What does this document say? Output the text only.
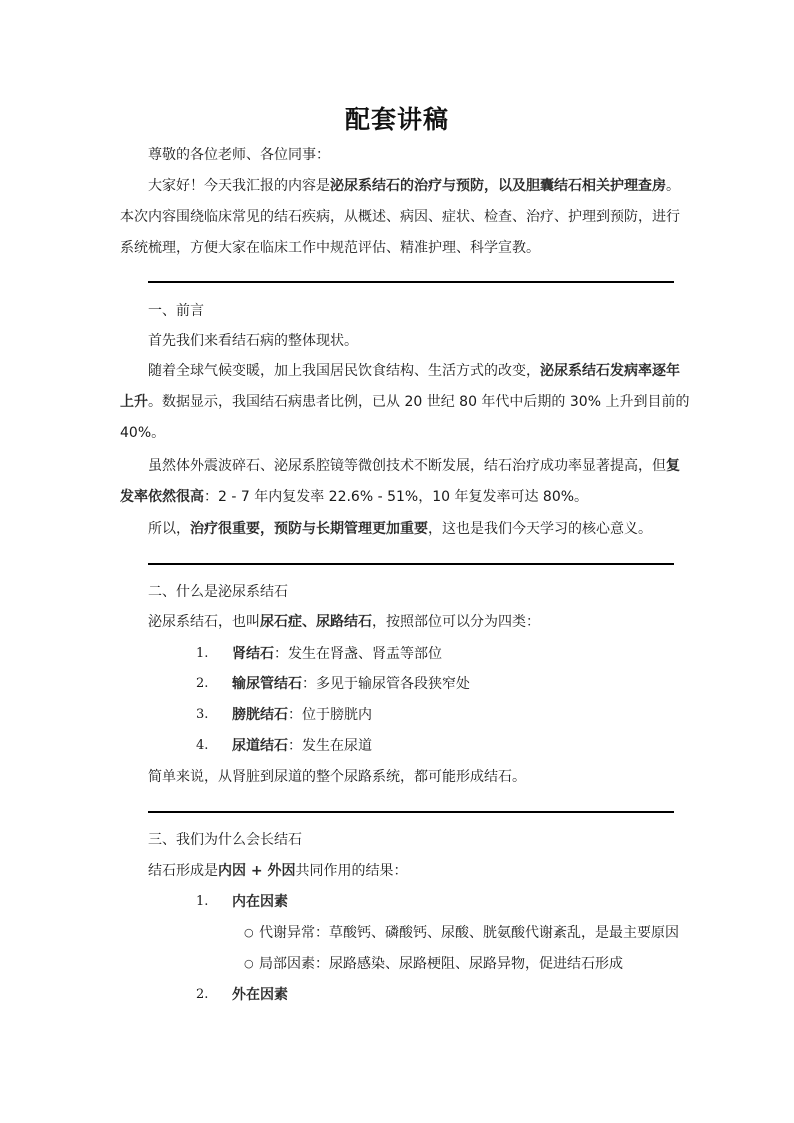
配套讲稿
尊敬的各位老师、各位同事：
大家好！今天我汇报的内容是泌尿系结石的治疗与预防，以及胆囊结石相关护理查房。本次内容围绕临床常见的结石疾病，从概述、病因、症状、检查、治疗、护理到预防，进行系统梳理，方便大家在临床工作中规范评估、精准护理、科学宣教。
一、前言
首先我们来看结石病的整体现状。
随着全球气候变暖，加上我国居民饮食结构、生活方式的改变，泌尿系结石发病率逐年上升。数据显示，我国结石病患者比例，已从 20 世纪 80 年代中后期的 30% 上升到目前的 40%。
虽然体外震波碎石、泌尿系腔镜等微创技术不断发展，结石治疗成功率显著提高，但复发率依然很高：2 - 7 年内复发率 22.6% - 51%，10 年复发率可达 80%。
所以，治疗很重要，预防与长期管理更加重要，这也是我们今天学习的核心意义。
二、什么是泌尿系结石
泌尿系结石，也叫尿石症、尿路结石，按照部位可以分为四类：
1. 肾结石：发生在肾盏、肾盂等部位
2. 输尿管结石：多见于输尿管各段狭窄处
3. 膀胱结石：位于膀胱内
4. 尿道结石：发生在尿道
简单来说，从肾脏到尿道的整个尿路系统，都可能形成结石。
三、我们为什么会长结石
结石形成是内因 + 外因共同作用的结果：
1. 内在因素
○ 代谢异常：草酸钙、磷酸钙、尿酸、胱氨酸代谢紊乱，是最主要原因
○ 局部因素：尿路感染、尿路梗阻、尿路异物，促进结石形成
2. 外在因素
